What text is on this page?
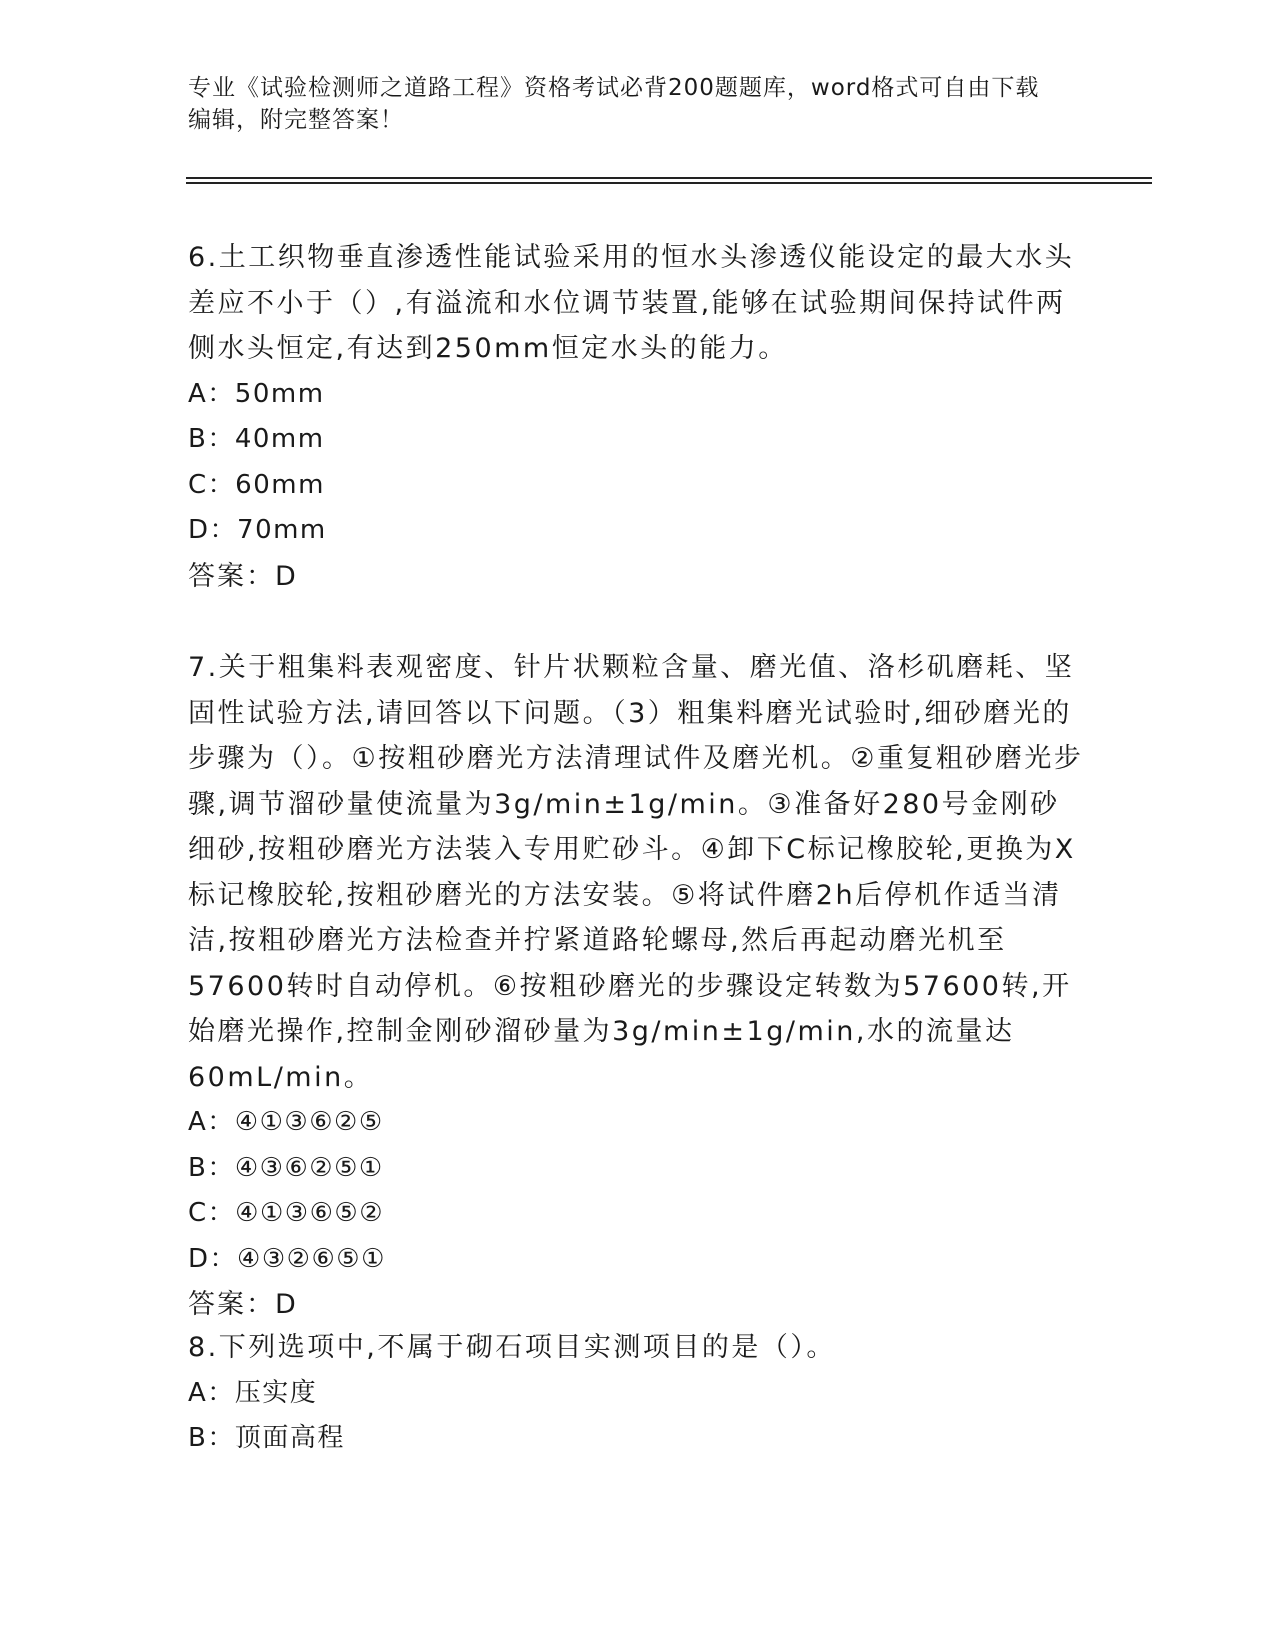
专业《试验检测师之道路工程》资格考试必背200题题库，word格式可自由下载
编辑，附完整答案！

6.土工织物垂直渗透性能试验采用的恒水头渗透仪能设定的最大水头差应不小于（）,有溢流和水位调节装置,能够在试验期间保持试件两侧水头恒定,有达到250mm恒定水头的能力。

A：50mm

B：40mm

C：60mm

D：70mm

答案：D

7.关于粗集料表观密度、针片状颗粒含量、磨光值、洛杉矶磨耗、坚固性试验方法,请回答以下问题。（3）粗集料磨光试验时,细砂磨光的步骤为（）。①按粗砂磨光方法清理试件及磨光机。②重复粗砂磨光步骤,调节溜砂量使流量为3g/min±1g/min。③准备好280号金刚砂细砂,按粗砂磨光方法装入专用贮砂斗。④卸下C标记橡胶轮,更换为X标记橡胶轮,按粗砂磨光的方法安装。⑤将试件磨2h后停机作适当清洁,按粗砂磨光方法检查并拧紧道路轮螺母,然后再起动磨光机至57600转时自动停机。⑥按粗砂磨光的步骤设定转数为57600转,开始磨光操作,控制金刚砂溜砂量为3g/min±1g/min,水的流量达60mL/min。

A：④①③⑥②⑤

B：④③⑥②⑤①

C：④①③⑥⑤②

D：④③②⑥⑤①

答案：D

8.下列选项中,不属于砌石项目实测项目的是（）。

A：压实度

B：顶面高程
